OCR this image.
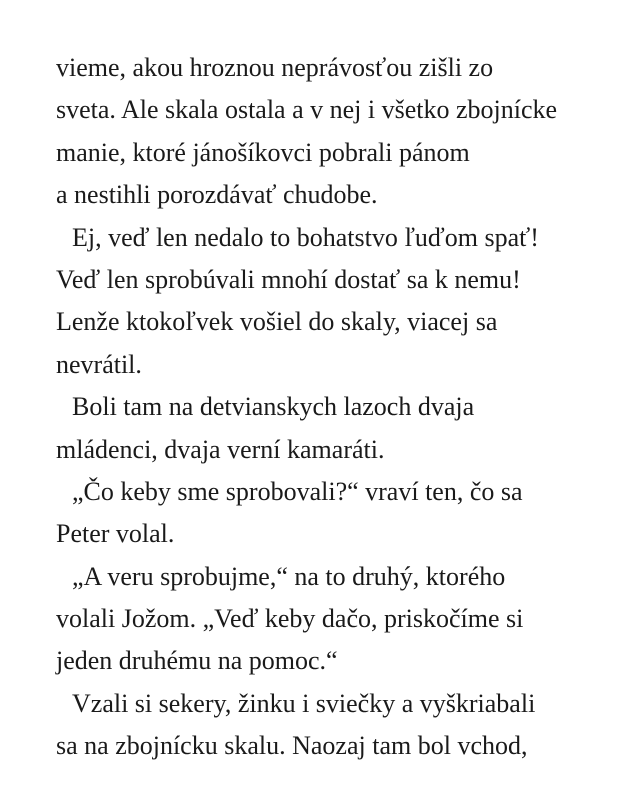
vieme, akou hroznou neprávosťou zišli zo
sveta. Ale skala ostala a v nej i všetko zbojnícke
manie, ktoré jánošíkovci pobrali pánom
a nestihli porozdávať chudobe.
Ej, veď len nedalo to bohatstvo ľuďom spať!
Veď len sprobúvali mnohí dostať sa k nemu!
Lenže ktokoľvek vošiel do skaly, viacej sa
nevrátil.
Boli tam na detvianskych lazoch dvaja
mládenci, dvaja verní kamaráti.
„Čo keby sme sprobovali?“ vraví ten, čo sa
Peter volal.
„A veru sprobujme,“ na to druhý, ktorého
volali Jožom. „Veď keby dačo, priskočíme si
jeden druhému na pomoc.“
Vzali si sekery, žinku i sviečky a vyškriabali
sa na zbojnícku skalu. Naozaj tam bol vchod,
